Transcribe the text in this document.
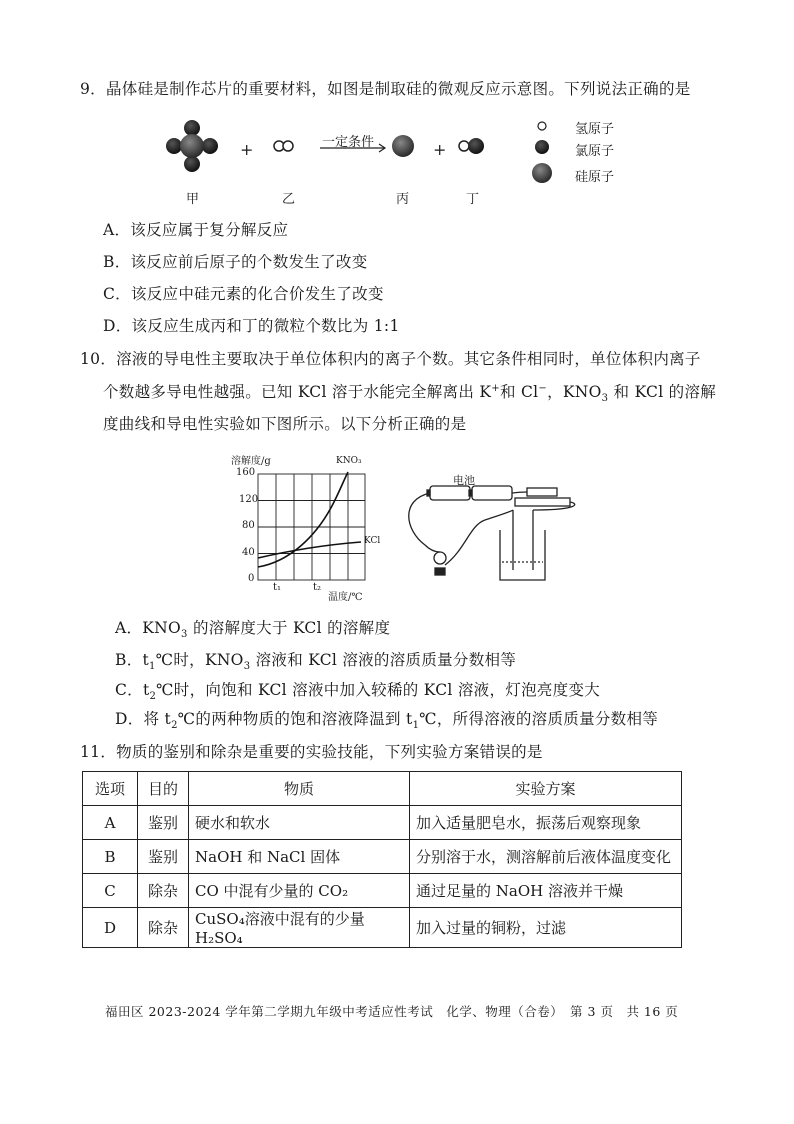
9．晶体硅是制作芯片的重要材料，如图是制取硅的微观反应示意图。下列说法正确的是
+	+
一定条件
氢原子
氯原子
硅原子
甲	乙	丙	丁
A．该反应属于复分解反应
B．该反应前后原子的个数发生了改变
C．该反应中硅元素的化合价发生了改变
D．该反应生成丙和丁的微粒个数比为 1:1
10．溶液的导电性主要取决于单位体积内的离子个数。其它条件相同时，单位体积内离子
个数越多导电性越强。已知 KCl 溶于水能完全解离出 K+和 Cl−，$KNO_3$ 和 KCl 的溶解
度曲线和导电性实验如下图所示。以下分析正确的是
溶解度/g	KNO₃
KCl
160
120
80
40
0
t₁	t₂
温度/℃
电池
A．$KNO_3$ 的溶解度大于 KCl 的溶解度
B．$t_1℃$时，$KNO_3$ 溶液和 KCl 溶液的溶质质量分数相等
C．$t_2℃$时，向饱和 KCl 溶液中加入较稀的 KCl 溶液，灯泡亮度变大
D．将 $t_2℃$的两种物质的饱和溶液降温到 $t_1℃$，所得溶液的溶质质量分数相等
11．物质的鉴别和除杂是重要的实验技能，下列实验方案错误的是
选项	目的	物质	实验方案
A	鉴别	硬水和软水	加入适量肥皂水，振荡后观察现象
B	鉴别	NaOH 和 NaCl 固体	分别溶于水，测溶解前后液体温度变化
C	除杂	CO 中混有少量的 CO₂	通过足量的 NaOH 溶液并干燥
D	除杂	CuSO₄溶液中混有的少量 H₂SO₄	加入过量的铜粉，过滤
福田区 2023-2024 学年第二学期九年级中考适应性考试　化学、物理（合卷）　第 3 页　共 16 页
